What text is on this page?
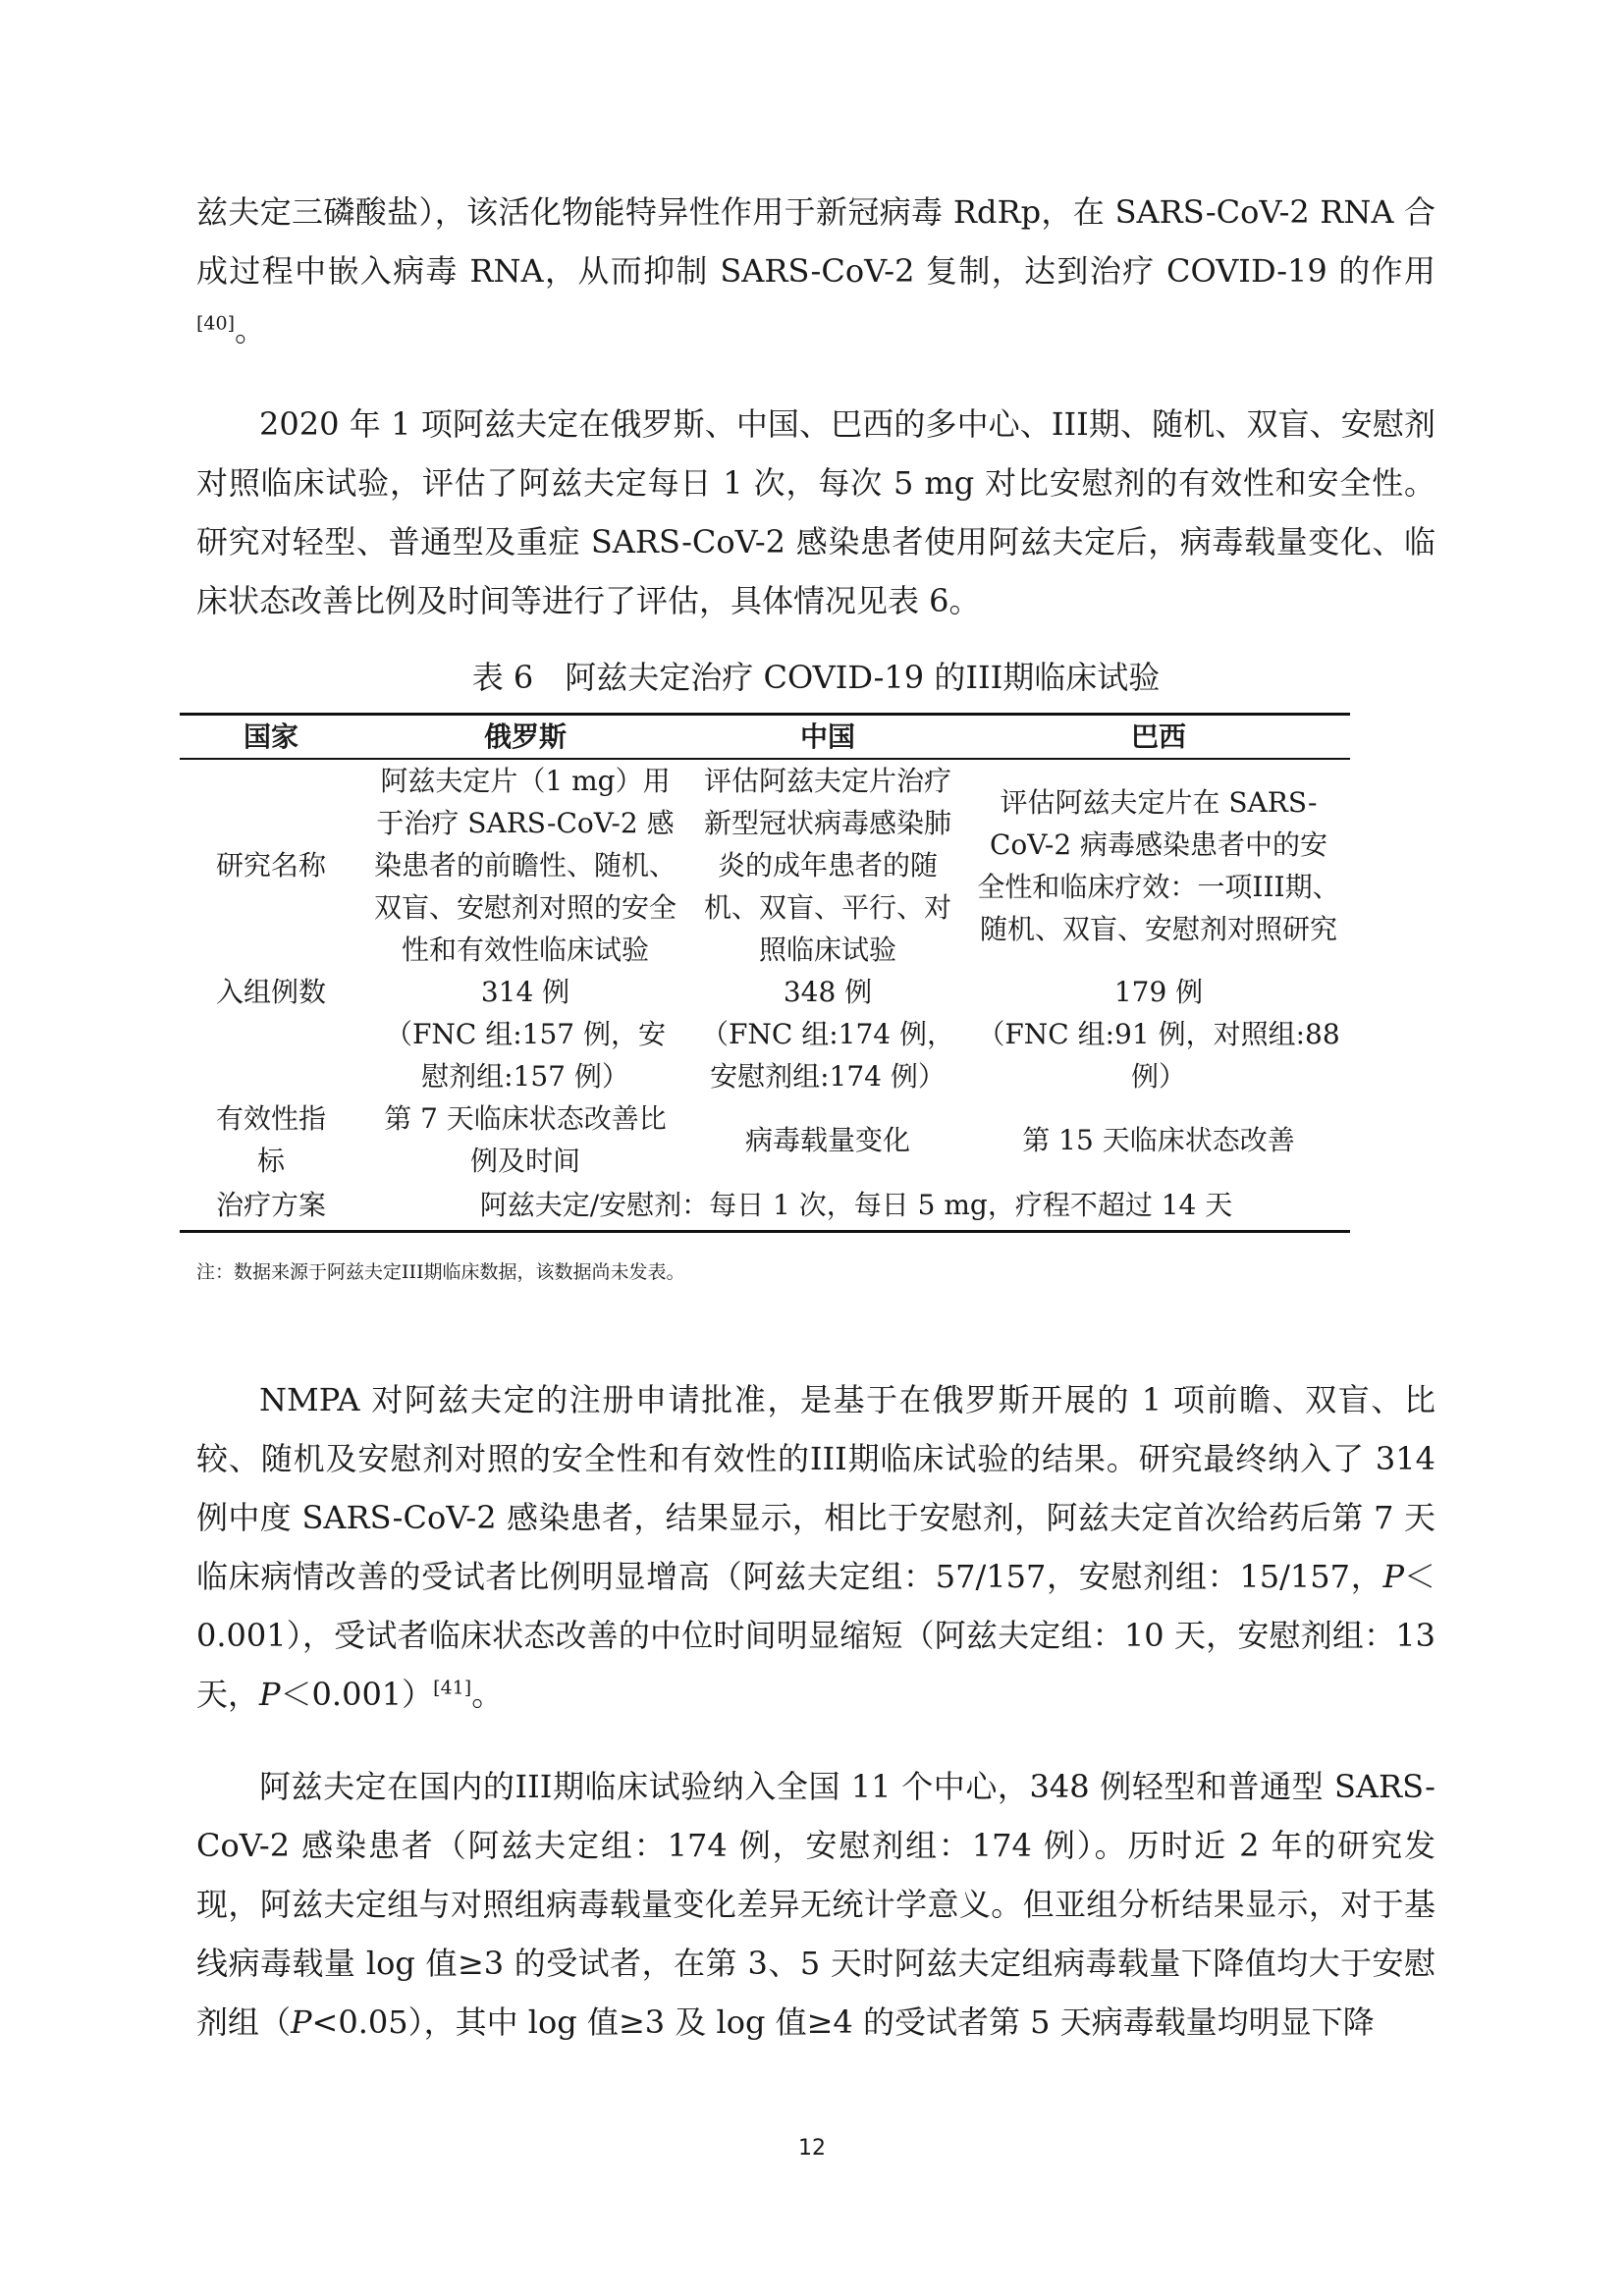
兹夫定三磷酸盐），该活化物能特异性作用于新冠病毒 RdRp，在 SARS-CoV-2 RNA 合成过程中嵌入病毒 RNA，从而抑制 SARS-CoV-2 复制，达到治疗 COVID-19 的作用[40]。

2020 年 1 项阿兹夫定在俄罗斯、中国、巴西的多中心、III期、随机、双盲、安慰剂对照临床试验，评估了阿兹夫定每日 1 次，每次 5 mg 对比安慰剂的有效性和安全性。研究对轻型、普通型及重症 SARS-CoV-2 感染患者使用阿兹夫定后，病毒载量变化、临床状态改善比例及时间等进行了评估，具体情况见表 6。

表 6　阿兹夫定治疗 COVID-19 的III期临床试验

国家	俄罗斯	中国	巴西
研究名称	阿兹夫定片（1 mg）用于治疗 SARS-CoV-2 感染患者的前瞻性、随机、双盲、安慰剂对照的安全性和有效性临床试验	评估阿兹夫定片治疗新型冠状病毒感染肺炎的成年患者的随机、双盲、平行、对照临床试验	评估阿兹夫定片在 SARS-CoV-2 病毒感染患者中的安全性和临床疗效：一项III期、随机、双盲、安慰剂对照研究
入组例数	314 例	348 例	179 例
	（FNC 组:157 例，安慰剂组:157 例）	（FNC 组:174 例，安慰剂组:174 例）	（FNC 组:91 例，对照组:88 例）
有效性指标	第 7 天临床状态改善比例及时间	病毒载量变化	第 15 天临床状态改善
治疗方案	阿兹夫定/安慰剂：每日 1 次，每日 5 mg，疗程不超过 14 天		

注：数据来源于阿兹夫定III期临床数据，该数据尚未发表。

NMPA 对阿兹夫定的注册申请批准，是基于在俄罗斯开展的 1 项前瞻、双盲、比较、随机及安慰剂对照的安全性和有效性的III期临床试验的结果。研究最终纳入了 314 例中度 SARS-CoV-2 感染患者，结果显示，相比于安慰剂，阿兹夫定首次给药后第 7 天临床病情改善的受试者比例明显增高（阿兹夫定组：57/157，安慰剂组：15/157，P＜0.001），受试者临床状态改善的中位时间明显缩短（阿兹夫定组：10 天，安慰剂组：13 天，P＜0.001）[41]。

阿兹夫定在国内的III期临床试验纳入全国 11 个中心，348 例轻型和普通型 SARS-CoV-2 感染患者（阿兹夫定组：174 例，安慰剂组：174 例）。历时近 2 年的研究发现，阿兹夫定组与对照组病毒载量变化差异无统计学意义。但亚组分析结果显示，对于基线病毒载量 log 值≥3 的受试者，在第 3、5 天时阿兹夫定组病毒载量下降值均大于安慰剂组（P<0.05），其中 log 值≥3 及 log 值≥4 的受试者第 5 天病毒载量均明显下降

12
